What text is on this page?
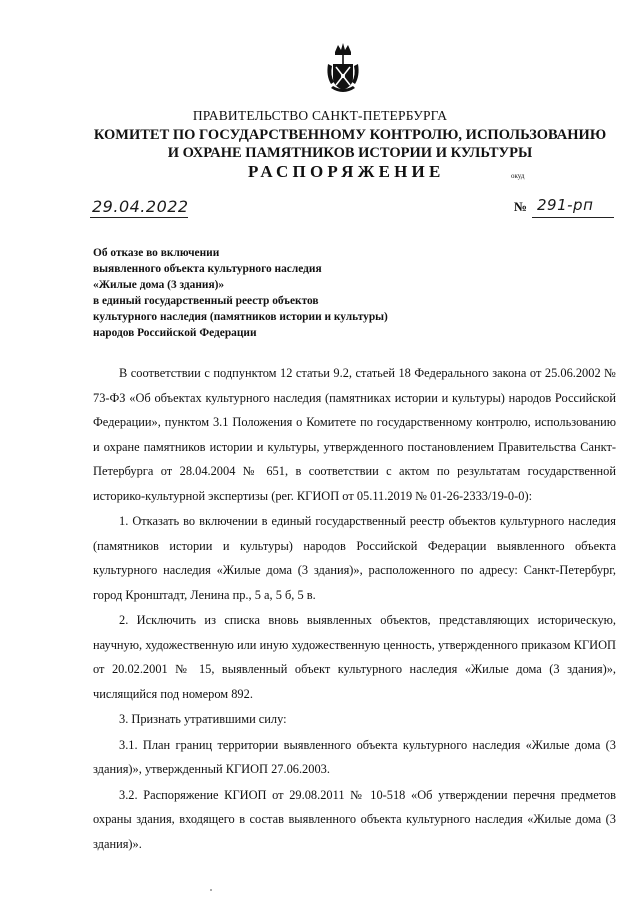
ПРАВИТЕЛЬСТВО САНКТ-ПЕТЕРБУРГА
КОМИТЕТ ПО ГОСУДАРСТВЕННОМУ КОНТРОЛЮ, ИСПОЛЬЗОВАНИЮ
И ОХРАНЕ ПАМЯТНИКОВ ИСТОРИИ И КУЛЬТУРЫ
РАСПОРЯЖЕНИЕ	окуд
29.04.2022	№ 291-рп
Об отказе во включении
выявленного объекта культурного наследия
«Жилые дома (3 здания)»
в единый государственный реестр объектов
культурного наследия (памятников истории и культуры)
народов Российской Федерации

В соответствии с подпунктом 12 статьи 9.2, статьей 18 Федерального закона от 25.06.2002 № 73-ФЗ «Об объектах культурного наследия (памятниках истории и культуры) народов Российской Федерации», пунктом 3.1 Положения о Комитете по государственному контролю, использованию и охране памятников истории и культуры, утвержденного постановлением Правительства Санкт-Петербурга от 28.04.2004 № 651, в соответствии с актом по результатам государственной историко-культурной экспертизы (рег. КГИОП от 05.11.2019 № 01-26-2333/19-0-0):

1. Отказать во включении в единый государственный реестр объектов культурного наследия (памятников истории и культуры) народов Российской Федерации выявленного объекта культурного наследия «Жилые дома (3 здания)», расположенного по адресу: Санкт-Петербург, город Кронштадт, Ленина пр., 5 а, 5 б, 5 в.

2. Исключить из списка вновь выявленных объектов, представляющих историческую, научную, художественную или иную художественную ценность, утвержденного приказом КГИОП от 20.02.2001 № 15, выявленный объект культурного наследия «Жилые дома (3 здания)», числящийся под номером 892.

3. Признать утратившими силу:

3.1. План границ территории выявленного объекта культурного наследия «Жилые дома (3 здания)», утвержденный КГИОП 27.06.2003.

3.2. Распоряжение КГИОП от 29.08.2011 № 10-518 «Об утверждении перечня предметов охраны здания, входящего в состав выявленного объекта культурного наследия «Жилые дома (3 здания)».
